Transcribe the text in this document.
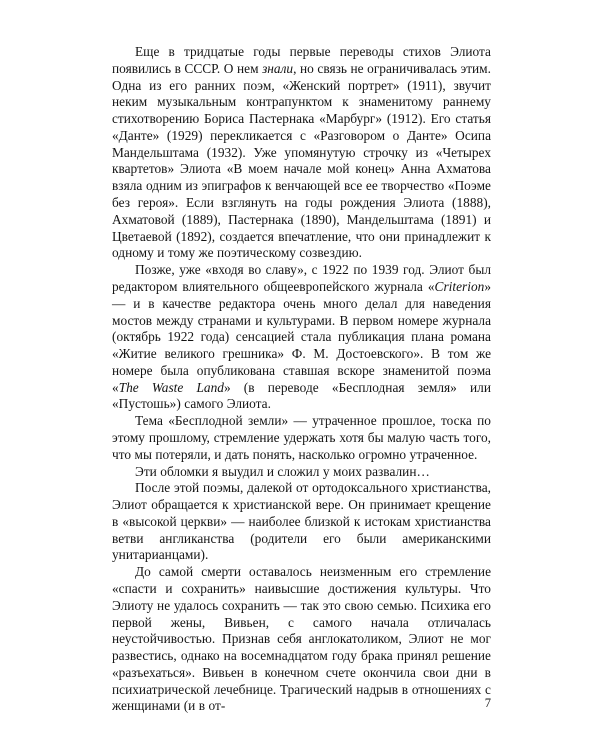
Еще в тридцатые годы первые переводы стихов Элиота появились в СССР. О нем знали, но связь не ограничивалась этим. Одна из его ранних поэм, «Женский портрет» (1911), звучит неким музыкальным контрапунктом к знаменитому раннему стихотворению Бориса Пастернака «Марбург» (1912). Его статья «Данте» (1929) перекликается с «Разговором о Данте» Осипа Мандельштама (1932). Уже упомянутую строчку из «Четырех квартетов» Элиота «В моем начале мой конец» Анна Ахматова взяла одним из эпиграфов к венчающей все ее творчество «Поэме без героя». Если взглянуть на годы рождения Элиота (1888), Ахматовой (1889), Пастернака (1890), Мандельштама (1891) и Цветаевой (1892), создается впечатление, что они принадлежит к одному и тому же поэтическому созвездию.

Позже, уже «входя во славу», с 1922 по 1939 год. Элиот был редактором влиятельного общеевропейского журнала «Criterion» — и в качестве редактора очень много делал для наведения мостов между странами и культурами. В первом номере журнала (октябрь 1922 года) сенсацией стала публикация плана романа «Житие великого грешника» Ф. М. Достоевского». В том же номере была опубликована ставшая вскоре знаменитой поэма «The Waste Land» (в переводе «Бесплодная земля» или «Пустошь») самого Элиота.

Тема «Бесплодной земли» — утраченное прошлое, тоска по этому прошлому, стремление удержать хотя бы малую часть того, что мы потеряли, и дать понять, насколько огромно утраченное.

Эти обломки я выудил и сложил у моих развалин…

После этой поэмы, далекой от ортодоксального христианства, Элиот обращается к христианской вере. Он принимает крещение в «высокой церкви» — наиболее близкой к истокам христианства ветви англиканства (родители его были американскими унитарианцами).

До самой смерти оставалось неизменным его стремление «спасти и сохранить» наивысшие достижения культуры. Что Элиоту не удалось сохранить — так это свою семью. Психика его первой жены, Вивьен, с самого начала отличалась неустойчивостью. Признав себя англокатоликом, Элиот не мог развестись, однако на восемнадцатом году брака принял решение «разъехаться». Вивьен в конечном счете окончила свои дни в психиатрической лечебнице. Трагический надрыв в отношениях с женщинами (и в от-	7
